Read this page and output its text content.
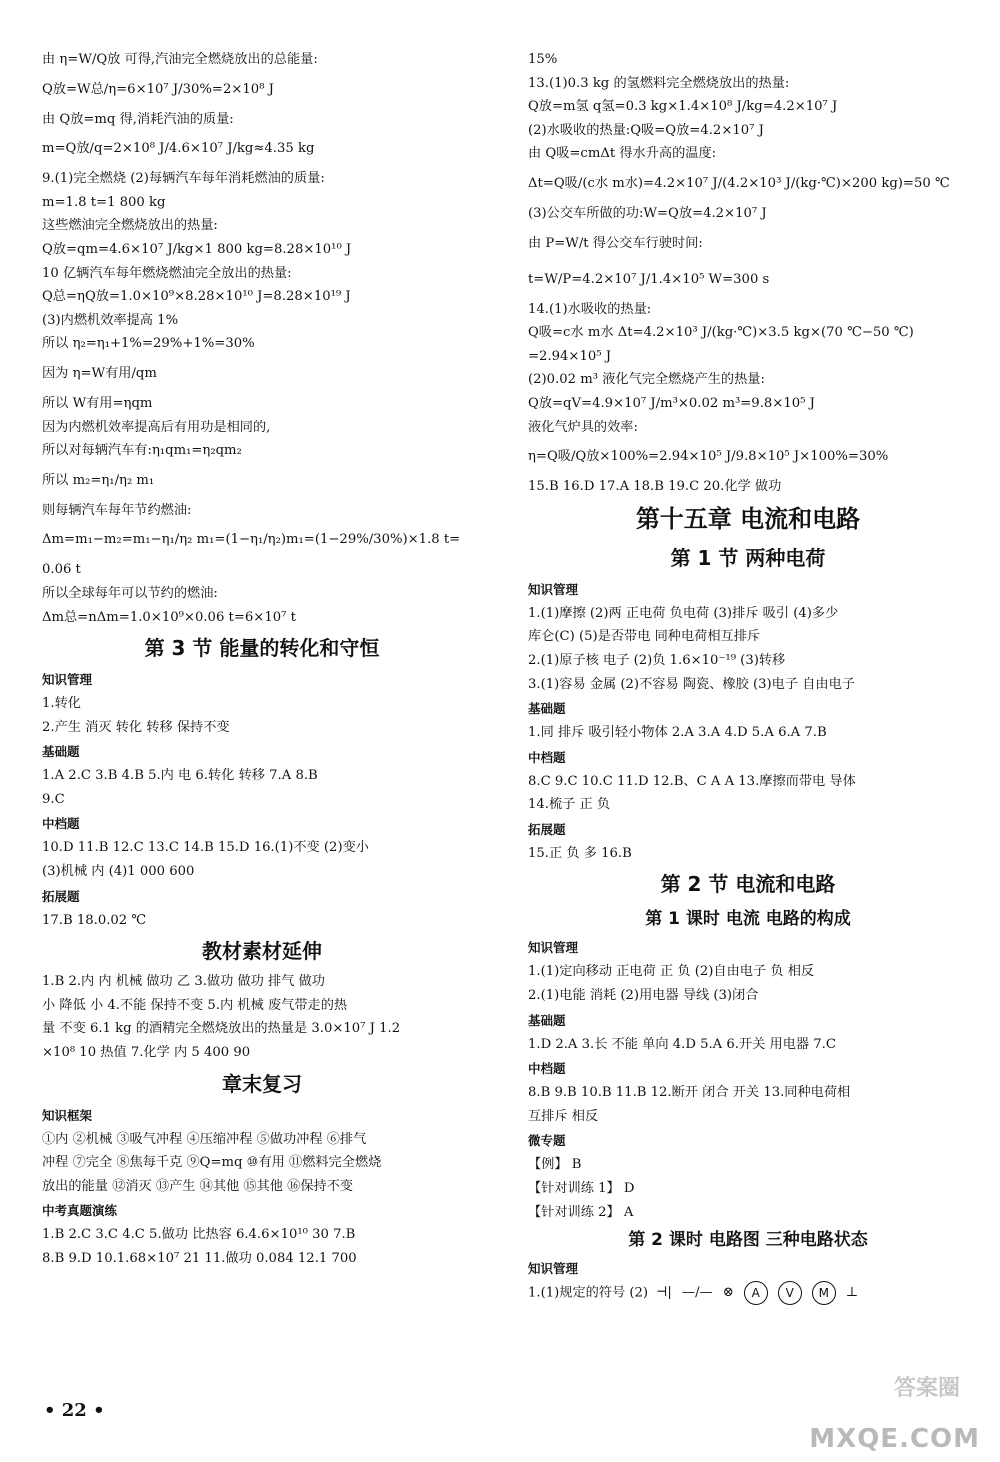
由 η=W/Q放 可得,汽油完全燃烧放出的总能量:
Q放=W总/η=6×10⁷ J/30%=2×10⁸ J
由 Q放=mq 得,消耗汽油的质量:
m=Q放/q=2×10⁸ J/4.6×10⁷ J/kg≈4.35 kg
9.(1)完全燃烧 (2)每辆汽车每年消耗燃油的质量:
m=1.8 t=1 800 kg
这些燃油完全燃烧放出的热量:
Q放=qm=4.6×10⁷ J/kg×1 800 kg=8.28×10¹⁰ J
10 亿辆汽车每年燃烧燃油完全放出的热量:
Q总=ηQ放=1.0×10⁹×8.28×10¹⁰ J=8.28×10¹⁹ J
(3)内燃机效率提高 1%
所以 η₂=η₁+1%=29%+1%=30%
因为 η=W有用/qm
所以 W有用=ηqm
因为内燃机效率提高后有用功是相同的,
所以对每辆汽车有:η₁qm₁=η₂qm₂
所以 m₂=η₁/η₂ m₁
则每辆汽车每年节约燃油:
Δm=m₁−m₂=m₁−η₁/η₂ m₁=(1−η₁/η₂)m₁=(1−29%/30%)×1.8 t=
0.06 t
所以全球每年可以节约的燃油:
Δm总=nΔm=1.0×10⁹×0.06 t=6×10⁷ t
第 3 节 能量的转化和守恒
知识管理
1.转化
2.产生 消灭 转化 转移 保持不变
基础题
1.A 2.C 3.B 4.B 5.内 电 6.转化 转移 7.A 8.B
9.C
中档题
10.D 11.B 12.C 13.C 14.B 15.D 16.(1)不变 (2)变小
(3)机械 内 (4)1 000 600
拓展题
17.B 18.0.02 ℃
教材素材延伸
1.B 2.内 内 机械 做功 乙 3.做功 做功 排气 做功
小 降低 小 4.不能 保持不变 5.内 机械 废气带走的热
量 不变 6.1 kg 的酒精完全燃烧放出的热量是 3.0×10⁷ J 1.2
×10⁸ 10 热值 7.化学 内 5 400 90
章末复习
知识框架
①内 ②机械 ③吸气冲程 ④压缩冲程 ⑤做功冲程 ⑥排气
冲程 ⑦完全 ⑧焦每千克 ⑨Q=mq ⑩有用 ⑪燃料完全燃烧
放出的能量 ⑫消灭 ⑬产生 ⑭其他 ⑮其他 ⑯保持不变
中考真题演练
1.B 2.C 3.C 4.C 5.做功 比热容 6.4.6×10¹⁰ 30 7.B
8.B 9.D 10.1.68×10⁷ 21 11.做功 0.084 12.1 700
15%
13.(1)0.3 kg 的氢燃料完全燃烧放出的热量:
Q放=m氢 q氢=0.3 kg×1.4×10⁸ J/kg=4.2×10⁷ J
(2)水吸收的热量:Q吸=Q放=4.2×10⁷ J
由 Q吸=cmΔt 得水升高的温度:
Δt=Q吸/(c水 m水)=4.2×10⁷ J/(4.2×10³ J/(kg·℃)×200 kg)=50 ℃
(3)公交车所做的功:W=Q放=4.2×10⁷ J
由 P=W/t 得公交车行驶时间:
t=W/P=4.2×10⁷ J/1.4×10⁵ W=300 s
14.(1)水吸收的热量:
Q吸=c水 m水 Δt=4.2×10³ J/(kg·℃)×3.5 kg×(70 ℃−50 ℃)
=2.94×10⁵ J
(2)0.02 m³ 液化气完全燃烧产生的热量:
Q放=qV=4.9×10⁷ J/m³×0.02 m³=9.8×10⁵ J
液化气炉具的效率:
η=Q吸/Q放×100%=2.94×10⁵ J/9.8×10⁵ J×100%=30%
15.B 16.D 17.A 18.B 19.C 20.化学 做功
第十五章 电流和电路
第 1 节 两种电荷
知识管理
1.(1)摩擦 (2)两 正电荷 负电荷 (3)排斥 吸引 (4)多少
库仑(C) (5)是否带电 同种电荷相互排斥
2.(1)原子核 电子 (2)负 1.6×10⁻¹⁹ (3)转移
3.(1)容易 金属 (2)不容易 陶瓷、橡胶 (3)电子 自由电子
基础题
1.同 排斥 吸引轻小物体 2.A 3.A 4.D 5.A 6.A 7.B
中档题
8.C 9.C 10.C 11.D 12.B、C A A 13.摩擦而带电 导体
14.梳子 正 负
拓展题
15.正 负 多 16.B
第 2 节 电流和电路
第 1 课时 电流 电路的构成
知识管理
1.(1)定向移动 正电荷 正 负 (2)自由电子 负 相反
2.(1)电能 消耗 (2)用电器 导线 (3)闭合
基础题
1.D 2.A 3.长 不能 单向 4.D 5.A 6.开关 用电器 7.C
中档题
8.B 9.B 10.B 11.B 12.断开 闭合 开关 13.同种电荷相
互排斥 相反
微专题
【例】 B
【针对训练 1】 D
【针对训练 2】 A
第 2 课时 电路图 三种电路状态
知识管理
1.(1)规定的符号 (2) ⊣| —/— ⊗	A	V	M	⊥
• 22 •
答案圈
MXQE.COM
